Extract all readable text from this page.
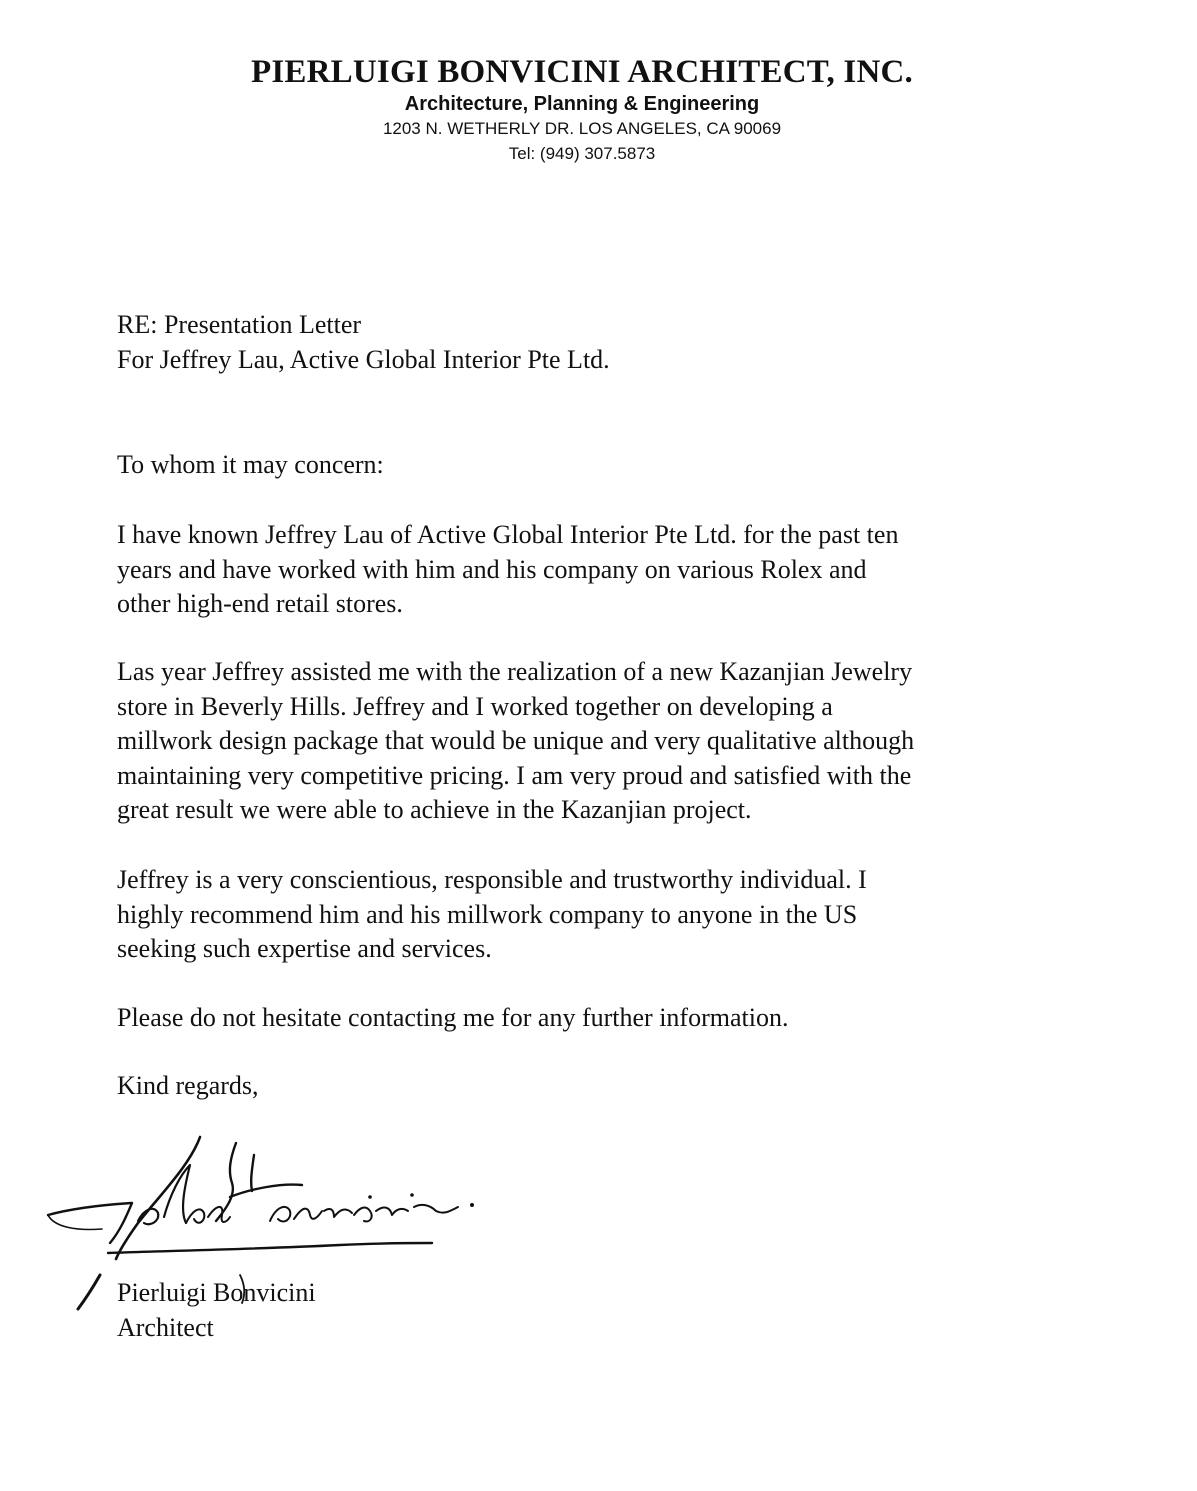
PIERLUIGI BONVICINI ARCHITECT, INC.

Architecture, Planning & Engineering

1203 N. WETHERLY DR. LOS ANGELES, CA 90069

Tel: (949) 307.5873

RE: Presentation Letter
For Jeffrey Lau, Active Global Interior Pte Ltd.

To whom it may concern:

I have known Jeffrey Lau of Active Global Interior Pte Ltd. for the past ten
years and have worked with him and his company on various Rolex and
other high-end retail stores.

Las year Jeffrey assisted me with the realization of a new Kazanjian Jewelry
store in Beverly Hills. Jeffrey and I worked together on developing a
millwork design package that would be unique and very qualitative although
maintaining very competitive pricing. I am very proud and satisfied with the
great result we were able to achieve in the Kazanjian project.

Jeffrey is a very conscientious, responsible and trustworthy individual. I
highly recommend him and his millwork company to anyone in the US
seeking such expertise and services.

Please do not hesitate contacting me for any further information.

Kind regards,

Pierluigi Bonvicini
Architect
